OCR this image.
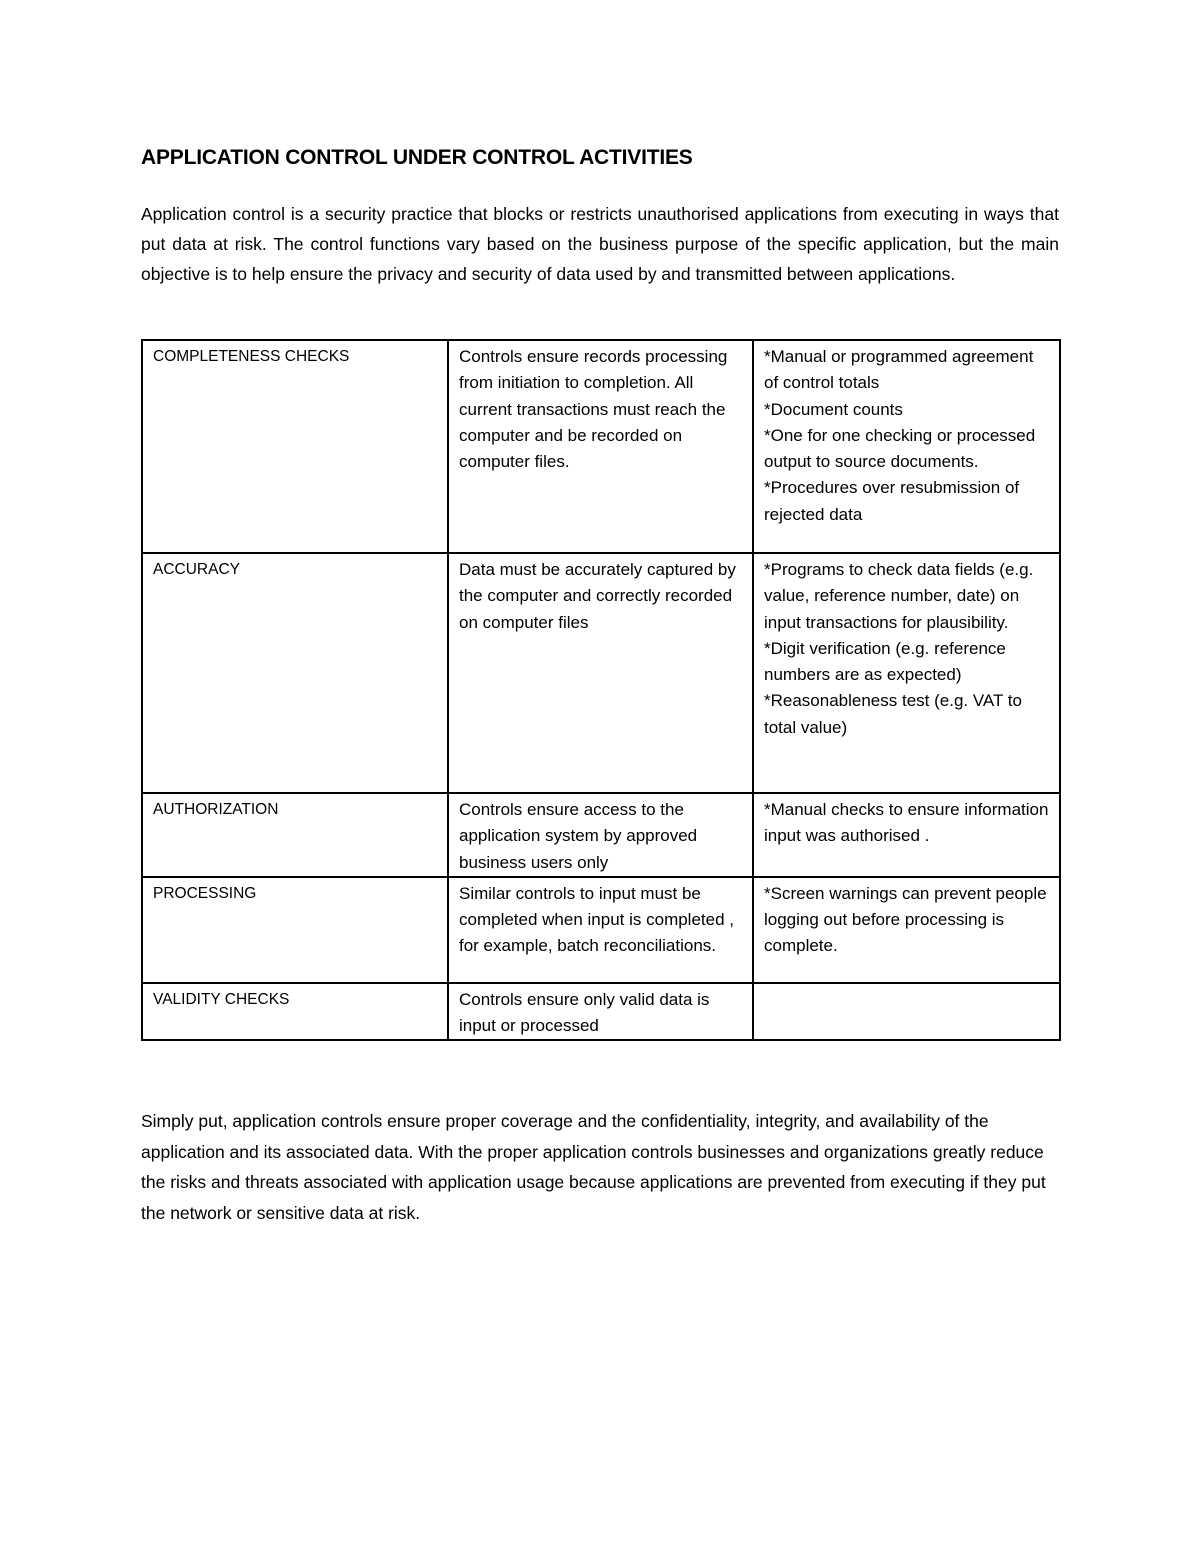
APPLICATION CONTROL UNDER CONTROL ACTIVITIES

Application control is a security practice that blocks or restricts unauthorised applications from executing in ways that put data at risk. The control functions vary based on the business purpose of the specific application, but the main objective is to help ensure the privacy and security of data used by and transmitted between applications.

COMPLETENESS CHECKS	Controls ensure records processing from initiation to completion. All current transactions must reach the computer and be recorded on computer files.	*Manual or programmed agreement of control totals
*Document counts
*One for one checking or processed output to source documents.
*Procedures over resubmission of rejected data

ACCURACY	Data must be accurately captured by the computer and correctly recorded on computer files	*Programs to check data fields (e.g. value, reference number, date) on input transactions for plausibility.
*Digit verification (e.g. reference numbers are as expected)
*Reasonableness test (e.g. VAT to total value)

AUTHORIZATION	Controls ensure access to the application system by approved business users only	*Manual checks to ensure information input was authorised .

PROCESSING	Similar controls to input must be completed when input is completed , for example, batch reconciliations.	*Screen warnings can prevent people logging out before processing is complete.

VALIDITY CHECKS	Controls ensure only valid data is input or processed	

Simply put, application controls ensure proper coverage and the confidentiality, integrity, and availability of the application and its associated data. With the proper application controls businesses and organizations greatly reduce the risks and threats associated with application usage because applications are prevented from executing if they put the network or sensitive data at risk.
